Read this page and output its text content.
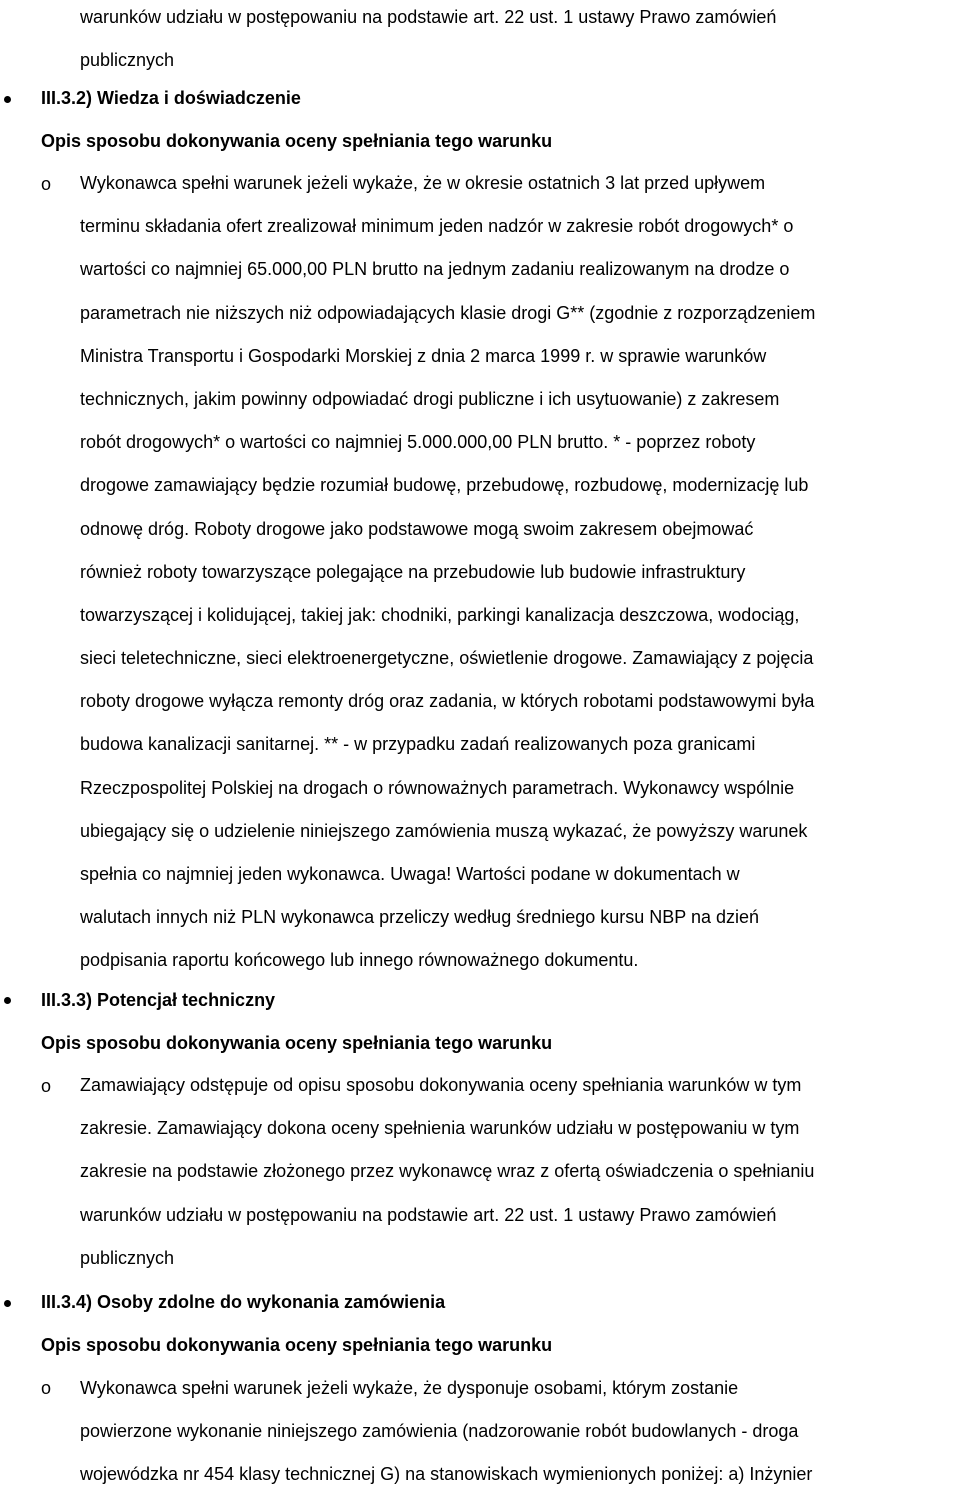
warunków udziału w postępowaniu na podstawie art. 22 ust. 1 ustawy Prawo zamówień
publicznych
III.3.2) Wiedza i doświadczenie
Opis sposobu dokonywania oceny spełniania tego warunku
o Wykonawca spełni warunek jeżeli wykaże, że w okresie ostatnich 3 lat przed upływem
terminu składania ofert zrealizował minimum jeden nadzór w zakresie robót drogowych* o
wartości co najmniej 65.000,00 PLN brutto na jednym zadaniu realizowanym na drodze o
parametrach nie niższych niż odpowiadających klasie drogi G** (zgodnie z rozporządzeniem
Ministra Transportu i Gospodarki Morskiej z dnia 2 marca 1999 r. w sprawie warunków
technicznych, jakim powinny odpowiadać drogi publiczne i ich usytuowanie) z zakresem
robót drogowych* o wartości co najmniej 5.000.000,00 PLN brutto. * - poprzez roboty
drogowe zamawiający będzie rozumiał budowę, przebudowę, rozbudowę, modernizację lub
odnowę dróg. Roboty drogowe jako podstawowe mogą swoim zakresem obejmować
również roboty towarzyszące polegające na przebudowie lub budowie infrastruktury
towarzyszącej i kolidującej, takiej jak: chodniki, parkingi kanalizacja deszczowa, wodociąg,
sieci teletechniczne, sieci elektroenergetyczne, oświetlenie drogowe. Zamawiający z pojęcia
roboty drogowe wyłącza remonty dróg oraz zadania, w których robotami podstawowymi była
budowa kanalizacji sanitarnej. ** - w przypadku zadań realizowanych poza granicami
Rzeczpospolitej Polskiej na drogach o równoważnych parametrach. Wykonawcy wspólnie
ubiegający się o udzielenie niniejszego zamówienia muszą wykazać, że powyższy warunek
spełnia co najmniej jeden wykonawca. Uwaga! Wartości podane w dokumentach w
walutach innych niż PLN wykonawca przeliczy według średniego kursu NBP na dzień
podpisania raportu końcowego lub innego równoważnego dokumentu.
III.3.3) Potencjał techniczny
Opis sposobu dokonywania oceny spełniania tego warunku
o Zamawiający odstępuje od opisu sposobu dokonywania oceny spełniania warunków w tym
zakresie. Zamawiający dokona oceny spełnienia warunków udziału w postępowaniu w tym
zakresie na podstawie złożonego przez wykonawcę wraz z ofertą oświadczenia o spełnianiu
warunków udziału w postępowaniu na podstawie art. 22 ust. 1 ustawy Prawo zamówień
publicznych
III.3.4) Osoby zdolne do wykonania zamówienia
Opis sposobu dokonywania oceny spełniania tego warunku
o Wykonawca spełni warunek jeżeli wykaże, że dysponuje osobami, którym zostanie
powierzone wykonanie niniejszego zamówienia (nadzorowanie robót budowlanych - droga
wojewódzka nr 454 klasy technicznej G) na stanowiskach wymienionych poniżej: a) Inżynier
